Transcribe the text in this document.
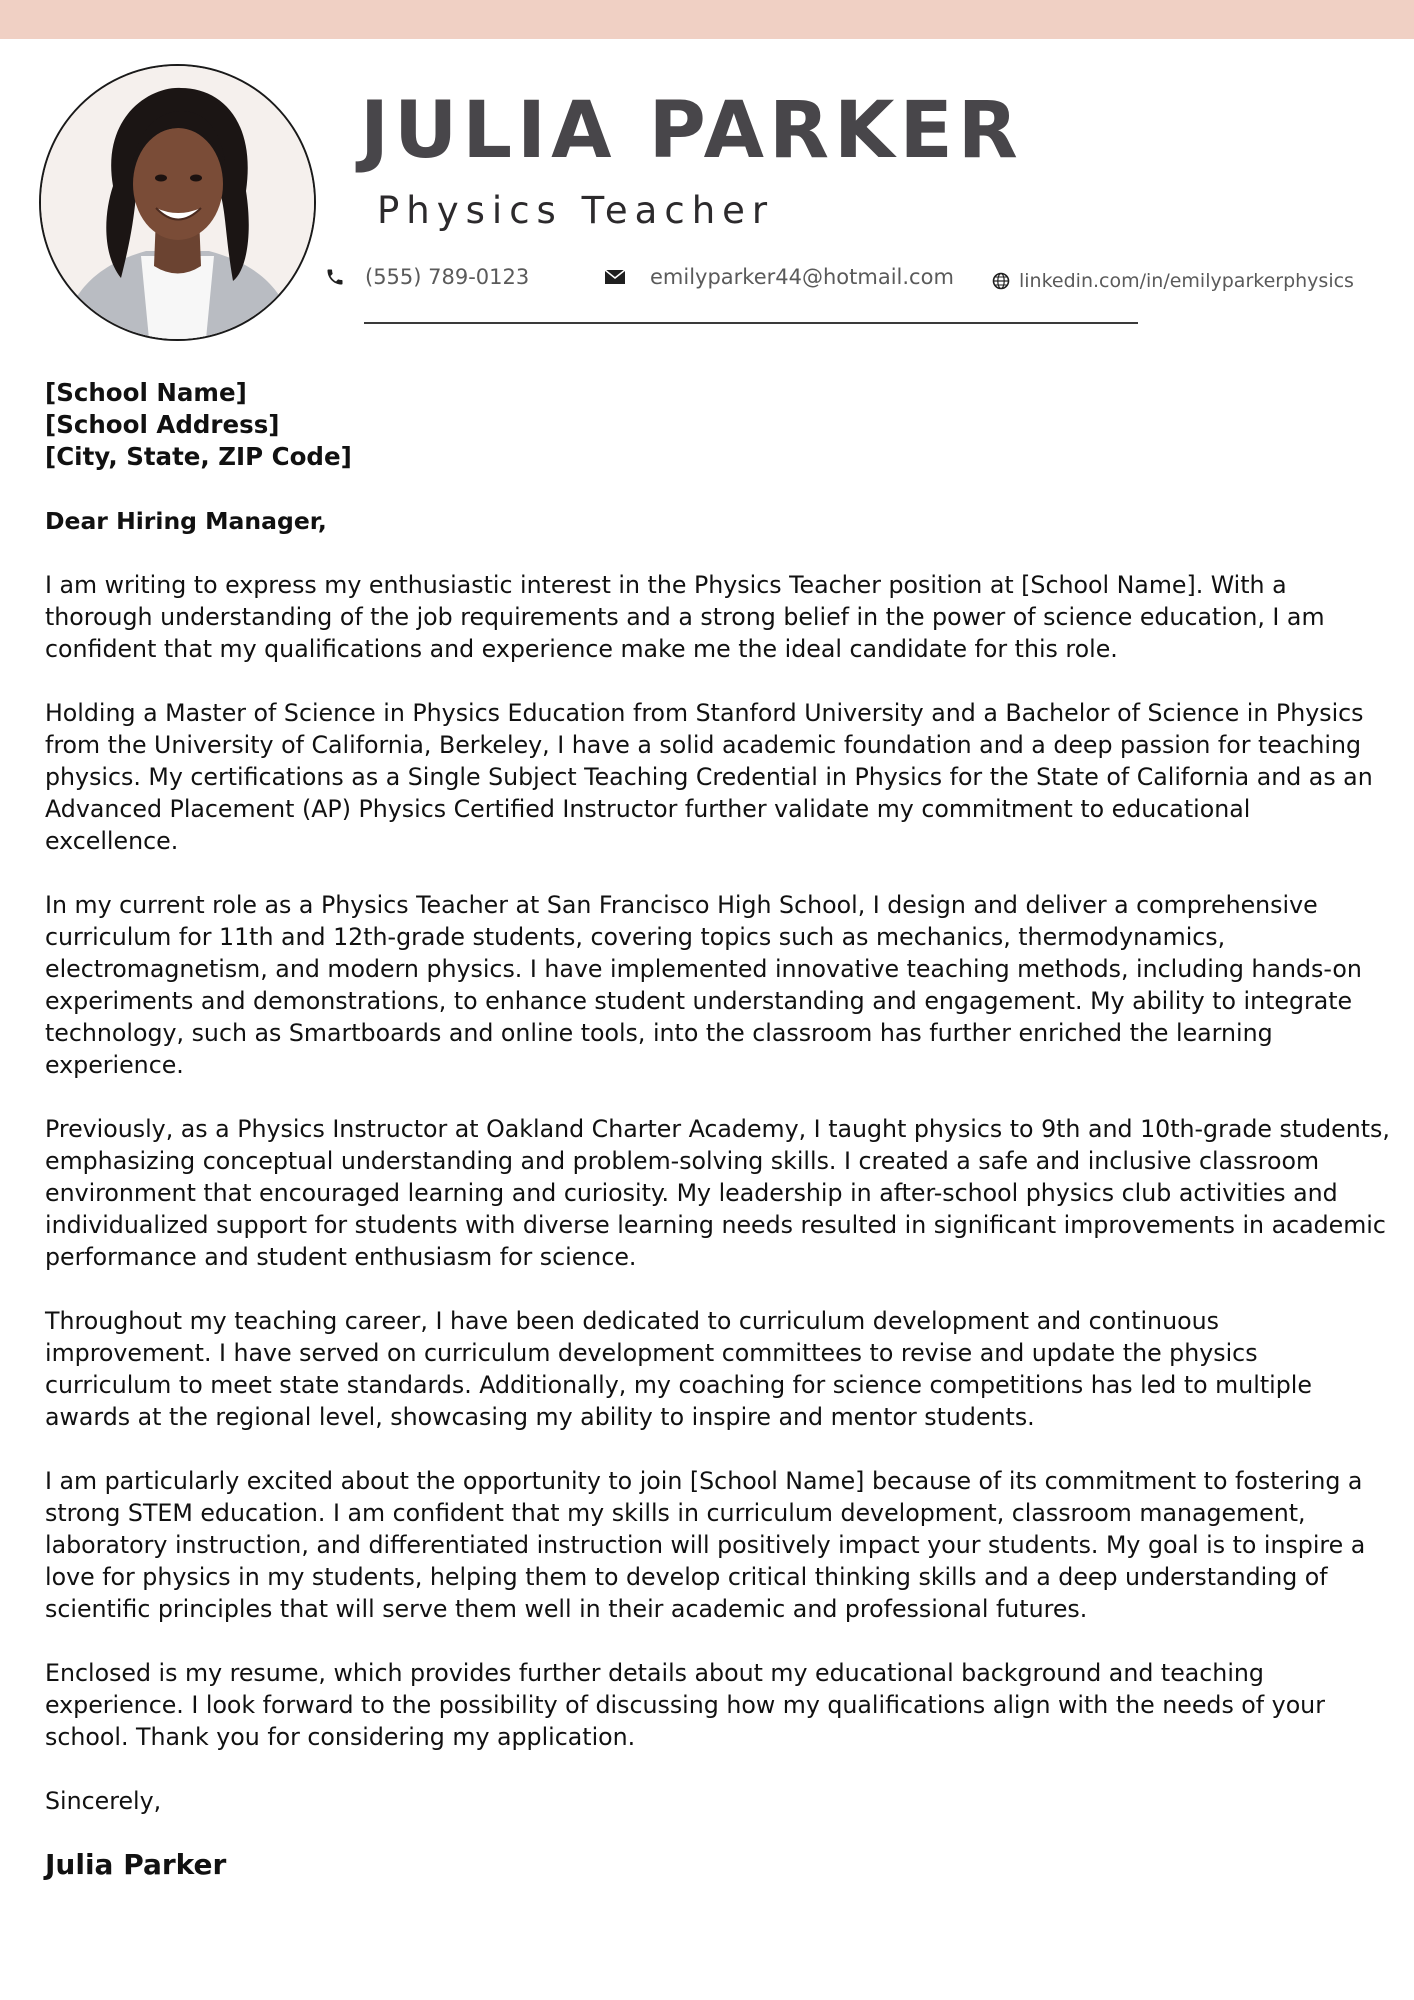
JULIA PARKER
Physics Teacher
(555) 789-0123	emilyparker44@hotmail.com	linkedin.com/in/emilyparkerphysics
[School Name]
[School Address]
[City, State, ZIP Code]
Dear Hiring Manager,

I am writing to express my enthusiastic interest in the Physics Teacher position at [School Name]. With a thorough understanding of the job requirements and a strong belief in the power of science education, I am confident that my qualifications and experience make me the ideal candidate for this role.

Holding a Master of Science in Physics Education from Stanford University and a Bachelor of Science in Physics from the University of California, Berkeley, I have a solid academic foundation and a deep passion for teaching physics. My certifications as a Single Subject Teaching Credential in Physics for the State of California and as an Advanced Placement (AP) Physics Certified Instructor further validate my commitment to educational excellence.

In my current role as a Physics Teacher at San Francisco High School, I design and deliver a comprehensive curriculum for 11th and 12th-grade students, covering topics such as mechanics, thermodynamics, electromagnetism, and modern physics. I have implemented innovative teaching methods, including hands-on experiments and demonstrations, to enhance student understanding and engagement. My ability to integrate technology, such as Smartboards and online tools, into the classroom has further enriched the learning experience.

Previously, as a Physics Instructor at Oakland Charter Academy, I taught physics to 9th and 10th-grade students, emphasizing conceptual understanding and problem-solving skills. I created a safe and inclusive classroom environment that encouraged learning and curiosity. My leadership in after-school physics club activities and individualized support for students with diverse learning needs resulted in significant improvements in academic performance and student enthusiasm for science.

Throughout my teaching career, I have been dedicated to curriculum development and continuous improvement. I have served on curriculum development committees to revise and update the physics curriculum to meet state standards. Additionally, my coaching for science competitions has led to multiple awards at the regional level, showcasing my ability to inspire and mentor students.

I am particularly excited about the opportunity to join [School Name] because of its commitment to fostering a strong STEM education. I am confident that my skills in curriculum development, classroom management, laboratory instruction, and differentiated instruction will positively impact your students. My goal is to inspire a love for physics in my students, helping them to develop critical thinking skills and a deep understanding of scientific principles that will serve them well in their academic and professional futures.

Enclosed is my resume, which provides further details about my educational background and teaching experience. I look forward to the possibility of discussing how my qualifications align with the needs of your school. Thank you for considering my application.

Sincerely,
Julia Parker
